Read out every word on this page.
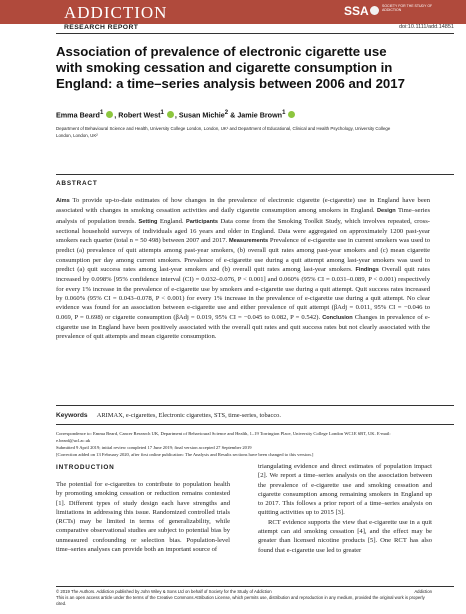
ADDICTION	SSA	SOCIETY FOR THE STUDY OF ADDICTION
RESEARCH REPORT	doi:10.1111/add.14851
Association of prevalence of electronic cigarette use with smoking cessation and cigarette consumption in England: a time–series analysis between 2006 and 2017
Emma Beard$^1$ , Robert West$^1$ , Susan Michie$^2$ & Jamie Brown$^1$
Department of Behavioural Science and Health, University College London, London, UK¹ and Department of Educational, Clinical and Health Psychology, University College London, London, UK²
ABSTRACT
Aims To provide up-to-date estimates of how changes in the prevalence of electronic cigarette (e-cigarette) use in England have been associated with changes in smoking cessation activities and daily cigarette consumption among smokers in England. Design Time–series analysis of population trends. Setting England. Participants Data come from the Smoking Toolkit Study, which involves repeated, cross-sectional household surveys of individuals aged 16 years and older in England. Data were aggregated on approximately 1200 past-year smokers each quarter (total n = 50 498) between 2007 and 2017. Measurements Prevalence of e-cigarette use in current smokers was used to predict (a) prevalence of quit attempts among past-year smokers, (b) overall quit rates among past-year smokers and (c) mean cigarette consumption per day among current smokers. Prevalence of e-cigarette use during a quit attempt among last-year smokers was used to predict (a) quit success rates among last-year smokers and (b) overall quit rates among last-year smokers. Findings Overall quit rates increased by 0.098% [95% confidence interval (CI) = 0.032–0.076, P < 0.001] and 0.060% (95% CI = 0.031–0.089, P < 0.001) respectively for every 1% increase in the prevalence of e-cigarette use by smokers and e-cigarette use during a quit attempt. Quit success rates increased by 0.060% (95% CI = 0.043–0.078, P < 0.001) for every 1% increase in the prevalence of e-cigarette use during a quit attempt. No clear evidence was found for an association between e-cigarette use and either prevalence of quit attempt (βAdj = 0.011, 95% CI = −0.046 to 0.069, P = 0.698) or cigarette consumption (βAdj = 0.019, 95% CI = −0.045 to 0.082, P = 0.542). Conclusion Changes in prevalence of e-cigarette use in England have been positively associated with the overall quit rates and quit success rates but not clearly associated with the prevalence of quit attempts and mean cigarette consumption.
Keywords ARIMAX, e-cigarettes, Electronic cigarettes, STS, time-series, tobacco.
Correspondence to: Emma Beard, Cancer Research UK, Department of Behavioural Science and Health, 1–19 Torrington Place, University College London WC1E 6BT, UK. E-mail: e.beard@ucl.ac.uk
Submitted 9 April 2019; initial review completed 17 June 2019; final version accepted 27 September 2019
[Correction added on 13 February 2020, after first online publication: The Analysis and Results sections have been changed to this version.]
INTRODUCTION

The potential for e-cigarettes to contribute to population health by promoting smoking cessation or reduction remains contested [1]. Different types of study design each have strengths and limitations in addressing this issue. Randomized controlled trials (RCTs) may be limited in terms of generalizability, while comparative observational studies are subject to potential bias by unmeasured confounding or selection bias. Population-level time–series analyses can provide both an important source of

triangulating evidence and direct estimates of population impact [2]. We report a time–series analysis on the association between the prevalence of e-cigarette use and smoking cessation and cigarette consumption among remaining smokers in England up to 2017. This follows a prior report of a time–series analysis on quitting activities up to 2015 [3].

RCT evidence supports the view that e-cigarette use in a quit attempt can aid smoking cessation [4], and the effect may be greater than licensed nicotine products [5]. One RCT has also found that e-cigarette use led to greater

© 2019 The Authors. Addiction published by John Wiley & Sons Ltd on behalf of Society for the Study of Addiction	Addiction
This is an open access article under the terms of the Creative Commons Attribution License, which permits use, distribution and reproduction in any medium, provided the original work is properly cited.
